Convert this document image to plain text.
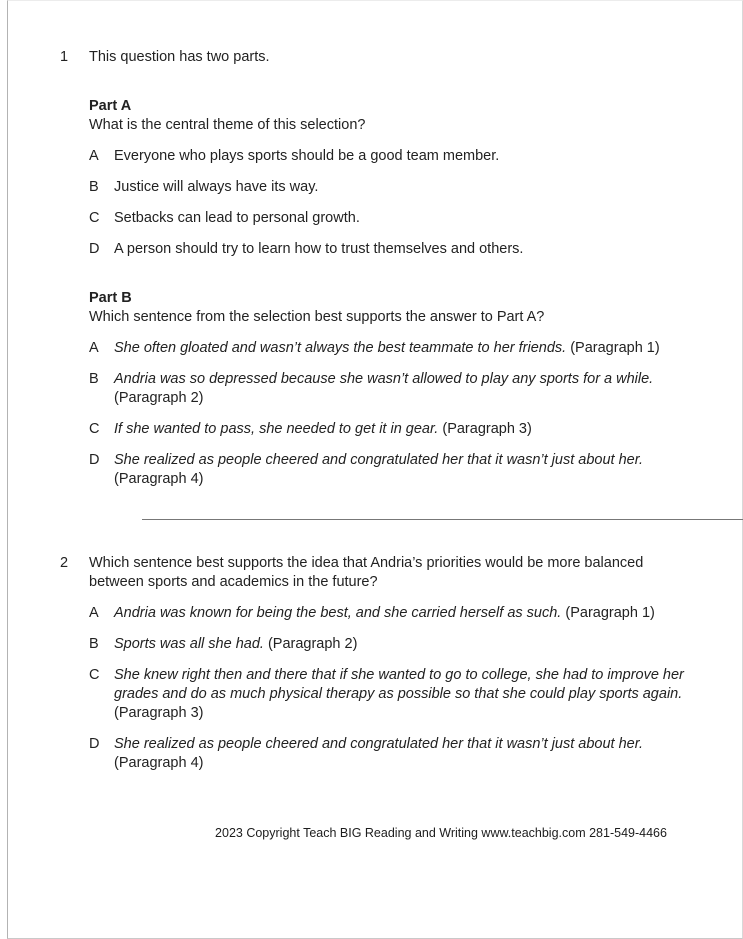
1	This question has two parts.
Part A
What is the central theme of this selection?
A	Everyone who plays sports should be a good team member.
B	Justice will always have its way.
C	Setbacks can lead to personal growth.
D	A person should try to learn how to trust themselves and others.
Part B
Which sentence from the selection best supports the answer to Part A?
A	She often gloated and wasn’t always the best teammate to her friends. (Paragraph 1)
B	Andria was so depressed because she wasn’t allowed to play any sports for a while. (Paragraph 2)
C	If she wanted to pass, she needed to get it in gear. (Paragraph 3)
D	She realized as people cheered and congratulated her that it wasn’t just about her. (Paragraph 4)
2	Which sentence best supports the idea that Andria’s priorities would be more balanced between sports and academics in the future?
A	Andria was known for being the best, and she carried herself as such. (Paragraph 1)
B	Sports was all she had. (Paragraph 2)
C	She knew right then and there that if she wanted to go to college, she had to improve her grades and do as much physical therapy as possible so that she could play sports again. (Paragraph 3)
D	She realized as people cheered and congratulated her that it wasn’t just about her. (Paragraph 4)
2023 Copyright Teach BIG Reading and Writing www.teachbig.com 281-549-4466
